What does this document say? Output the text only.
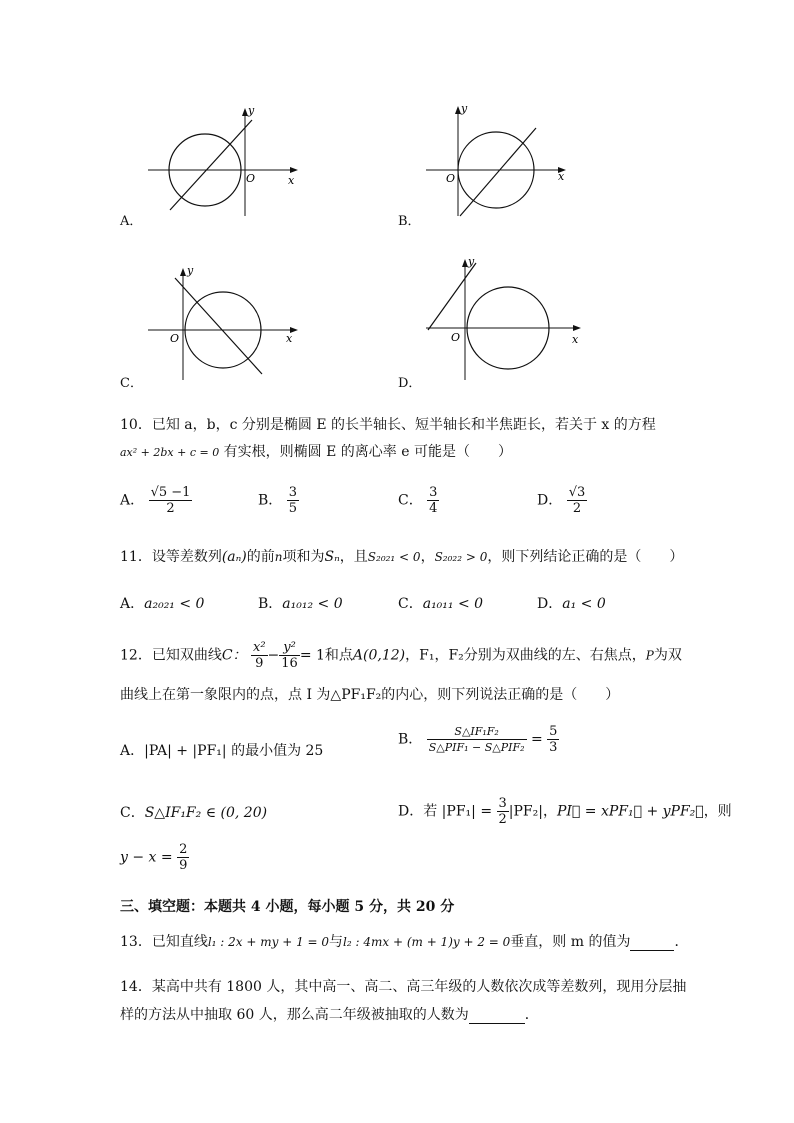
y
O	x
A．
y
O	x
B．
y
O	x
C．
y
O	x
D．
10．已知 a，b，c 分别是椭圆 E 的长半轴长、短半轴长和半焦距长，若关于 x 的方程
ax² + 2bx + c = 0 有实根，则椭圆 E 的离心率 e 可能是（　　）
A． $\frac{√5 -1}{2}$	B． $\frac{3}{5}$	C． $\frac{3}{4}$	D． $\frac{√3}{2}$
11．设等差数列(aₙ)的前n项和为Sₙ，且S₂₀₂₁ < 0，S₂₀₂₂ > 0，则下列结论正确的是（　　）
A．a₂₀₂₁ < 0	B．a₁₀₁₂ < 0	C．a₁₀₁₁ < 0	D．a₁ < 0
12．已知双曲线C： $\frac{\text{x²}}{9} - \frac{\text{y²}}{16} = 1$和点A(0,12)，F₁，F₂分别为双曲线的左、右焦点，P为双
曲线上在第一象限内的点，点 I 为△PF₁F₂的内心，则下列说法正确的是（　　）
A．|PA| + |PF₁| 的最小值为 25
B． $\frac{\text{S△IF₁F₂}}{\text{S△PIF₁ − S△PIF₂}} = \frac{5}{3}$
C．S△IF₁F₂ ∈ (0, 20)	D．若 $|PF_1| = \frac{3}{2} |PF_2|$，PI⃗ = xPF₁⃗ + yPF₂⃗，则
$y - x = \frac{2}{9}$
三、填空题：本题共 4 小题，每小题 5 分，共 20 分
13．已知直线l₁ : 2x + my + 1 = 0与l₂ : 4mx + (m + 1)y + 2 = 0垂直，则 m 的值为	．
14．某高中共有 1800 人，其中高一、高二、高三年级的人数依次成等差数列，现用分层抽
样的方法从中抽取 60 人，那么高二年级被抽取的人数为	．
